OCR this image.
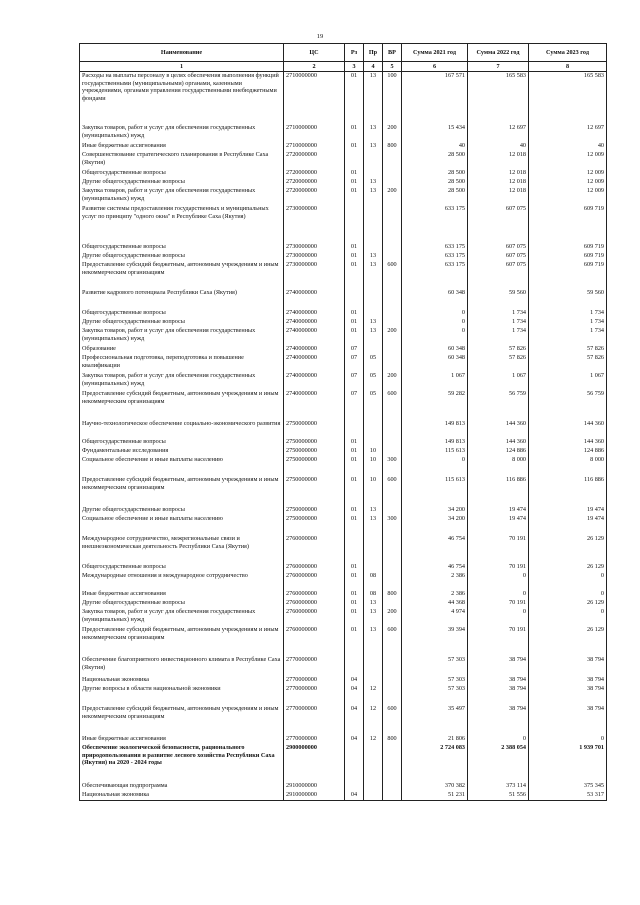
19
Наименование	ЦС	Рз	Пр	ВР	Сумма 2021 год	Сумма 2022 год	Сумма 2023 год
1	2	3	4	5	6	7	8
Расходы на выплаты персоналу в целях обеспечения выполнения функций государственными (муниципальными) органами, казенными учреждениями, органами управления государственными внебюджетными фондами	2710000000	01	13	100	167 571	165 583	165 583
Закупка товаров, работ и услуг для обеспечения государственных (муниципальных) нужд	2710000000	01	13	200	15 434	12 697	12 697
Иные бюджетные ассигнования	2710000000	01	13	800	40	40	40
Совершенствование стратегического планирования в Республике Саха (Якутия)	2720000000				28 500	12 018	12 009
Общегосударственные вопросы	2720000000	01			28 500	12 018	12 009
Другие общегосударственные вопросы	2720000000	01	13		28 500	12 018	12 009
Закупка товаров, работ и услуг для обеспечения государственных (муниципальных) нужд	2720000000	01	13	200	28 500	12 018	12 009
Развитие системы предоставления государственных и муниципальных услуг по принципу "одного окна" в Республике Саха (Якутия)	2730000000				633 175	607 075	609 719
Общегосударственные вопросы	2730000000	01			633 175	607 075	609 719
Другие общегосударственные вопросы	2730000000	01	13		633 175	607 075	609 719
Предоставление субсидий бюджетным, автономным учреждениям и иным некоммерческим организациям	2730000000	01	13	600	633 175	607 075	609 719
Развитие кадрового потенциала Республики Саха (Якутия)	2740000000				60 348	59 560	59 560
Общегосударственные вопросы	2740000000	01			0	1 734	1 734
Другие общегосударственные вопросы	2740000000	01	13		0	1 734	1 734
Закупка товаров, работ и услуг для обеспечения государственных (муниципальных) нужд	2740000000	01	13	200	0	1 734	1 734
Образование	2740000000	07			60 348	57 826	57 826
Профессиональная подготовка, переподготовка и повышение квалификации	2740000000	07	05		60 348	57 826	57 826
Закупка товаров, работ и услуг для обеспечения государственных (муниципальных) нужд	2740000000	07	05	200	1 067	1 067	1 067
Предоставление субсидий бюджетным, автономным учреждениям и иным некоммерческим организациям	2740000000	07	05	600	59 282	56 759	56 759
Научно-технологическое обеспечение социально-экономического развития	2750000000				149 813	144 360	144 360
Общегосударственные вопросы	2750000000	01			149 813	144 360	144 360
Фундаментальные исследования	2750000000	01	10		115 613	124 886	124 886
Социальное обеспечение и иные выплаты населению	2750000000	01	10	300	0	8 000	8 000
Предоставление субсидий бюджетным, автономным учреждениям и иным некоммерческим организациям	2750000000	01	10	600	115 613	116 886	116 886
Другие общегосударственные вопросы	2750000000	01	13		34 200	19 474	19 474
Социальное обеспечение и иные выплаты населению	2750000000	01	13	300	34 200	19 474	19 474
Международное сотрудничество, межрегиональные связи и внешнеэкономическая деятельность Республики Саха (Якутия)	2760000000				46 754	70 191	26 129
Общегосударственные вопросы	2760000000	01			46 754	70 191	26 129
Международные отношения и международное сотрудничество	2760000000	01	08		2 386	0	0
Иные бюджетные ассигнования	2760000000	01	08	800	2 386	0	0
Другие общегосударственные вопросы	2760000000	01	13		44 368	70 191	26 129
Закупка товаров, работ и услуг для обеспечения государственных (муниципальных) нужд	2760000000	01	13	200	4 974	0	0
Предоставление субсидий бюджетным, автономным учреждениям и иным некоммерческим организациям	2760000000	01	13	600	39 394	70 191	26 129
Обеспечение благоприятного инвестиционного климата в Республике Саха (Якутия)	2770000000				57 303	38 794	38 794
Национальная экономика	2770000000	04			57 303	38 794	38 794
Другие вопросы в области национальной экономики	2770000000	04	12		57 303	38 794	38 794
Предоставление субсидий бюджетным, автономным учреждениям и иным некоммерческим организациям	2770000000	04	12	600	35 497	38 794	38 794
Иные бюджетные ассигнования	2770000000	04	12	800	21 806	0	0
Обеспечение экологической безопасности, рационального природопользования и развитие лесного хозяйства Республики Саха (Якутия) на 2020 - 2024 годы	2900000000				2 724 083	2 388 054	1 939 701
Обеспечивающая подпрограмма	2910000000				370 382	373 114	375 345
Национальная экономика	2910000000	04			51 231	51 556	53 317
